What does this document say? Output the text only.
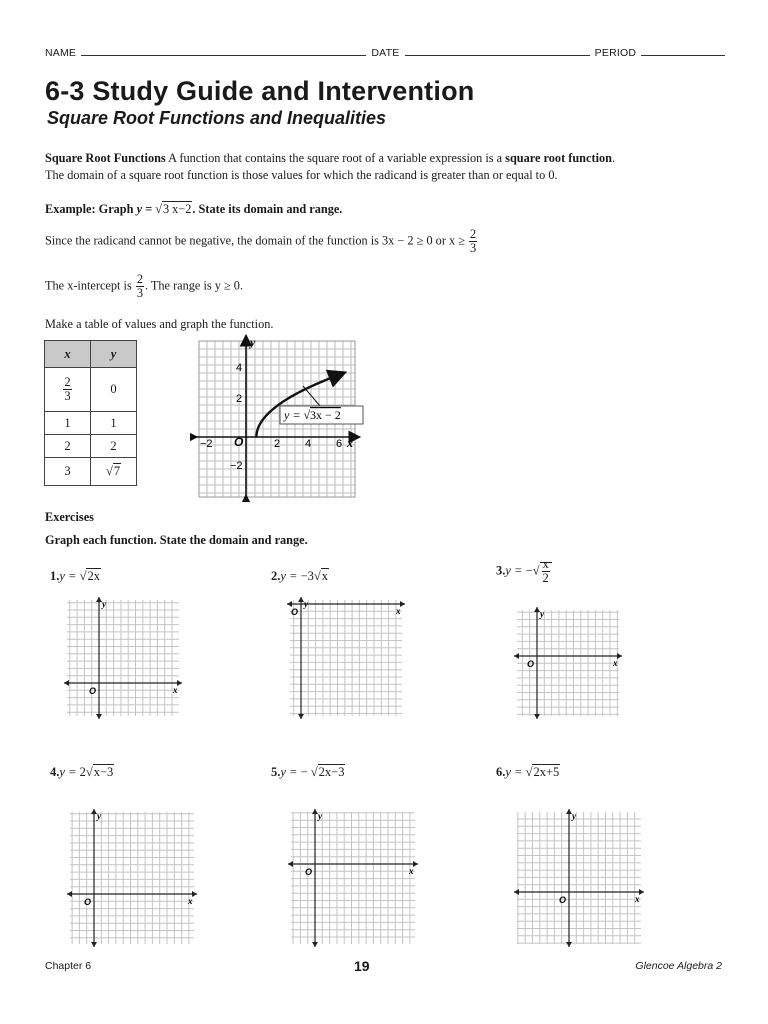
NAME	DATE	PERIOD
6-3 Study Guide and Intervention
Square Root Functions and Inequalities
Square Root Functions A function that contains the square root of a variable expression is a square root function.
The domain of a square root function is those values for which the radicand is greater than or equal to 0.
Example: Graph y = √3 x−2. State its domain and range.
Since the radicand cannot be negative, the domain of the function is 3x − 2 ≥ 0 or $x \ge \frac{2}{3}$
The x-intercept is $\frac{2}{3}$ . The range is y ≥ 0.
Make a table of values and graph the function.
x	y

$\frac{2}{3}$	0
1	1
2	2
3	√7
y
x
O
−2	2 4 6
4
2
−2
y = √3x − 2
Exercises
Graph each function. State the domain and range.
1.y = √2x	2.y = −3√x	3.y = −√ $\frac{x}{2}$
4.y = 2√x−3	5.y = − √2x−3	6.y = √2x+5
x
y
O
x
y
O
x
y
O
x
y
O
x
y
O
x
y
O
Chapter 6	19	Glencoe Algebra 2
